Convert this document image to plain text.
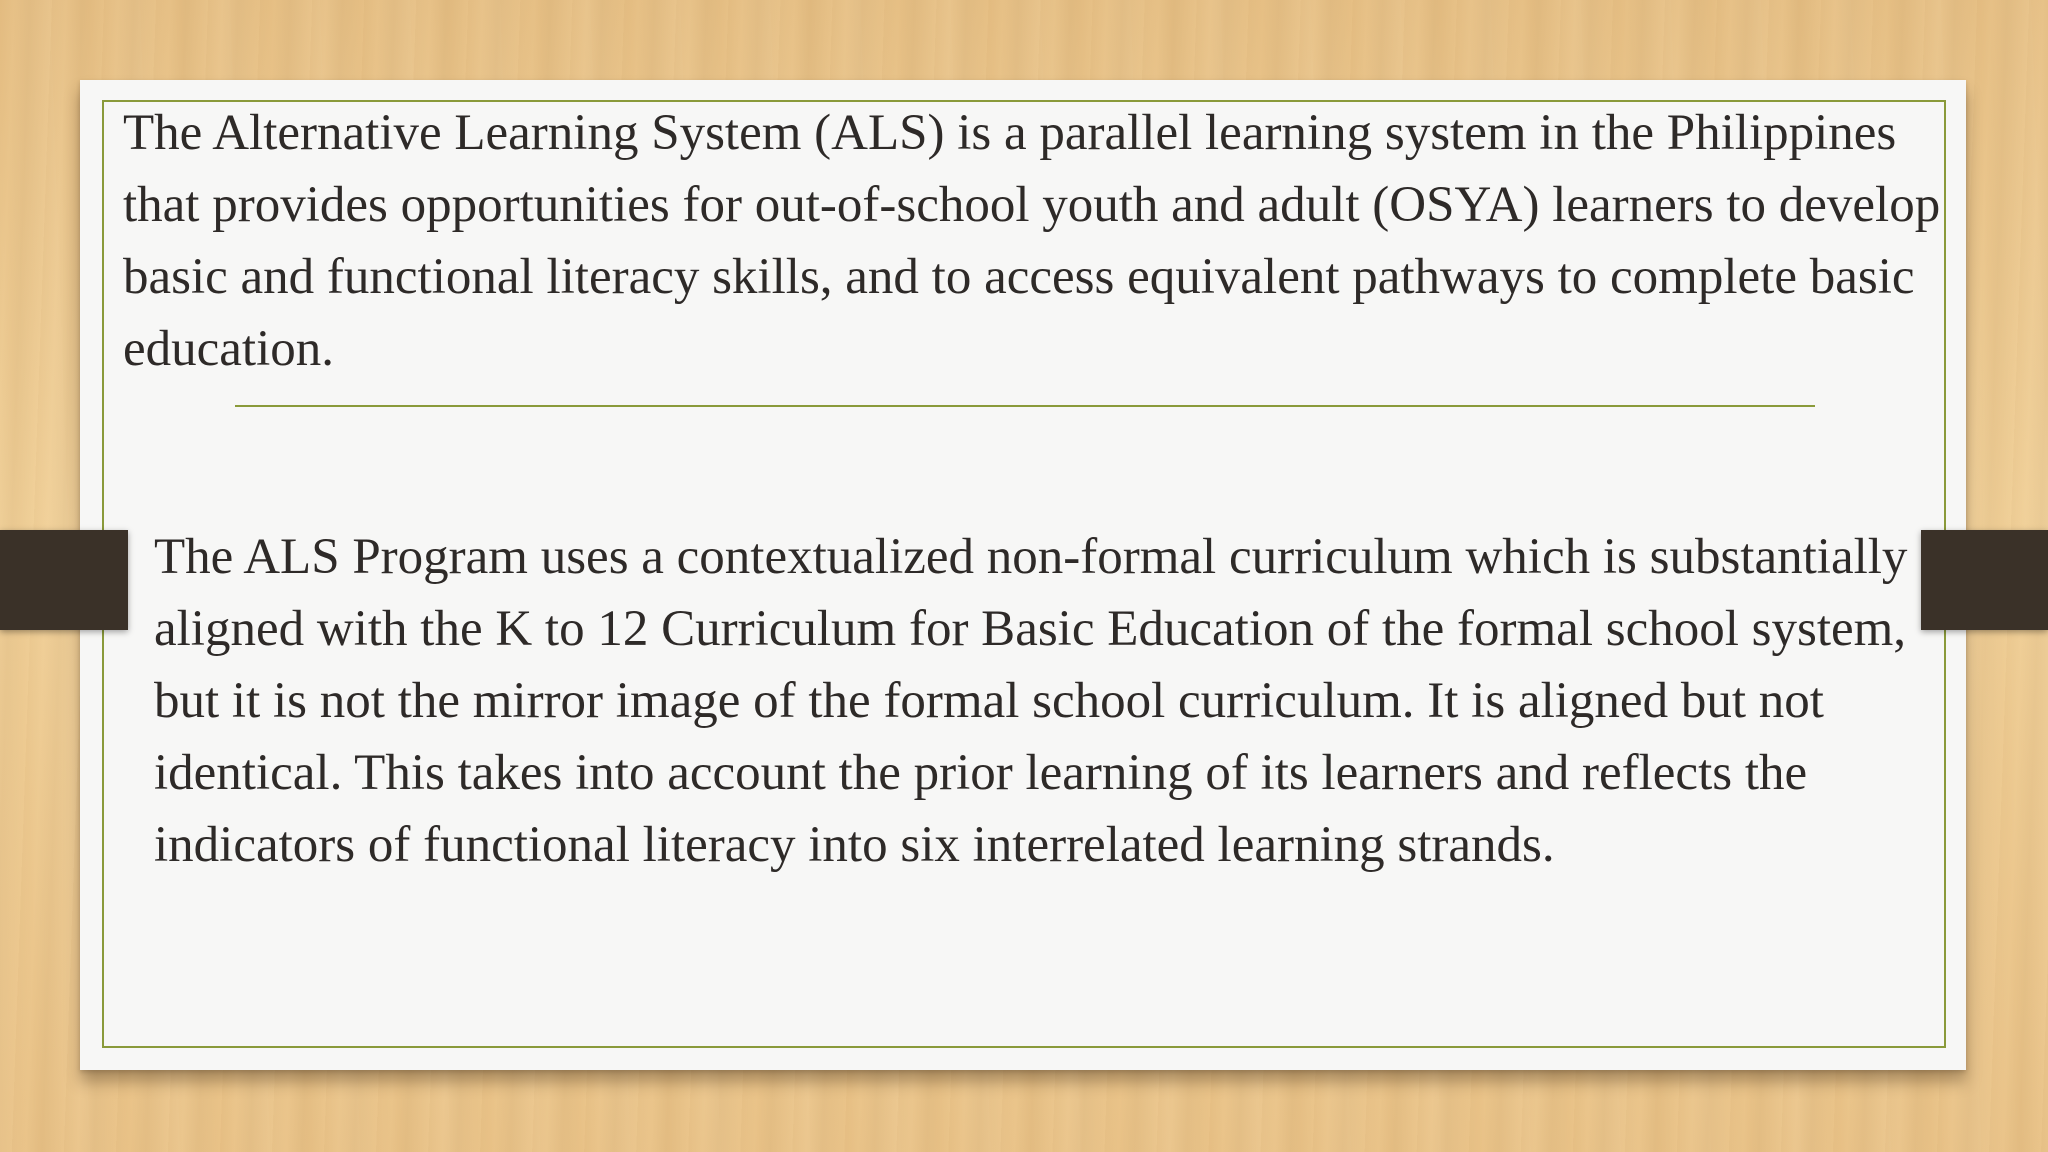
The Alternative Learning System (ALS) is a parallel learning system in the Philippines that provides opportunities for out-of-school youth and adult (OSYA) learners to develop basic and functional literacy skills, and to access equivalent pathways to complete basic education.

The ALS Program uses a contextualized non-formal curriculum which is substantially aligned with the K to 12 Curriculum for Basic Education of the formal school system, but it is not the mirror image of the formal school curriculum. It is aligned but not identical. This takes into account the prior learning of its learners and reflects the indicators of functional literacy into six interrelated learning strands.
